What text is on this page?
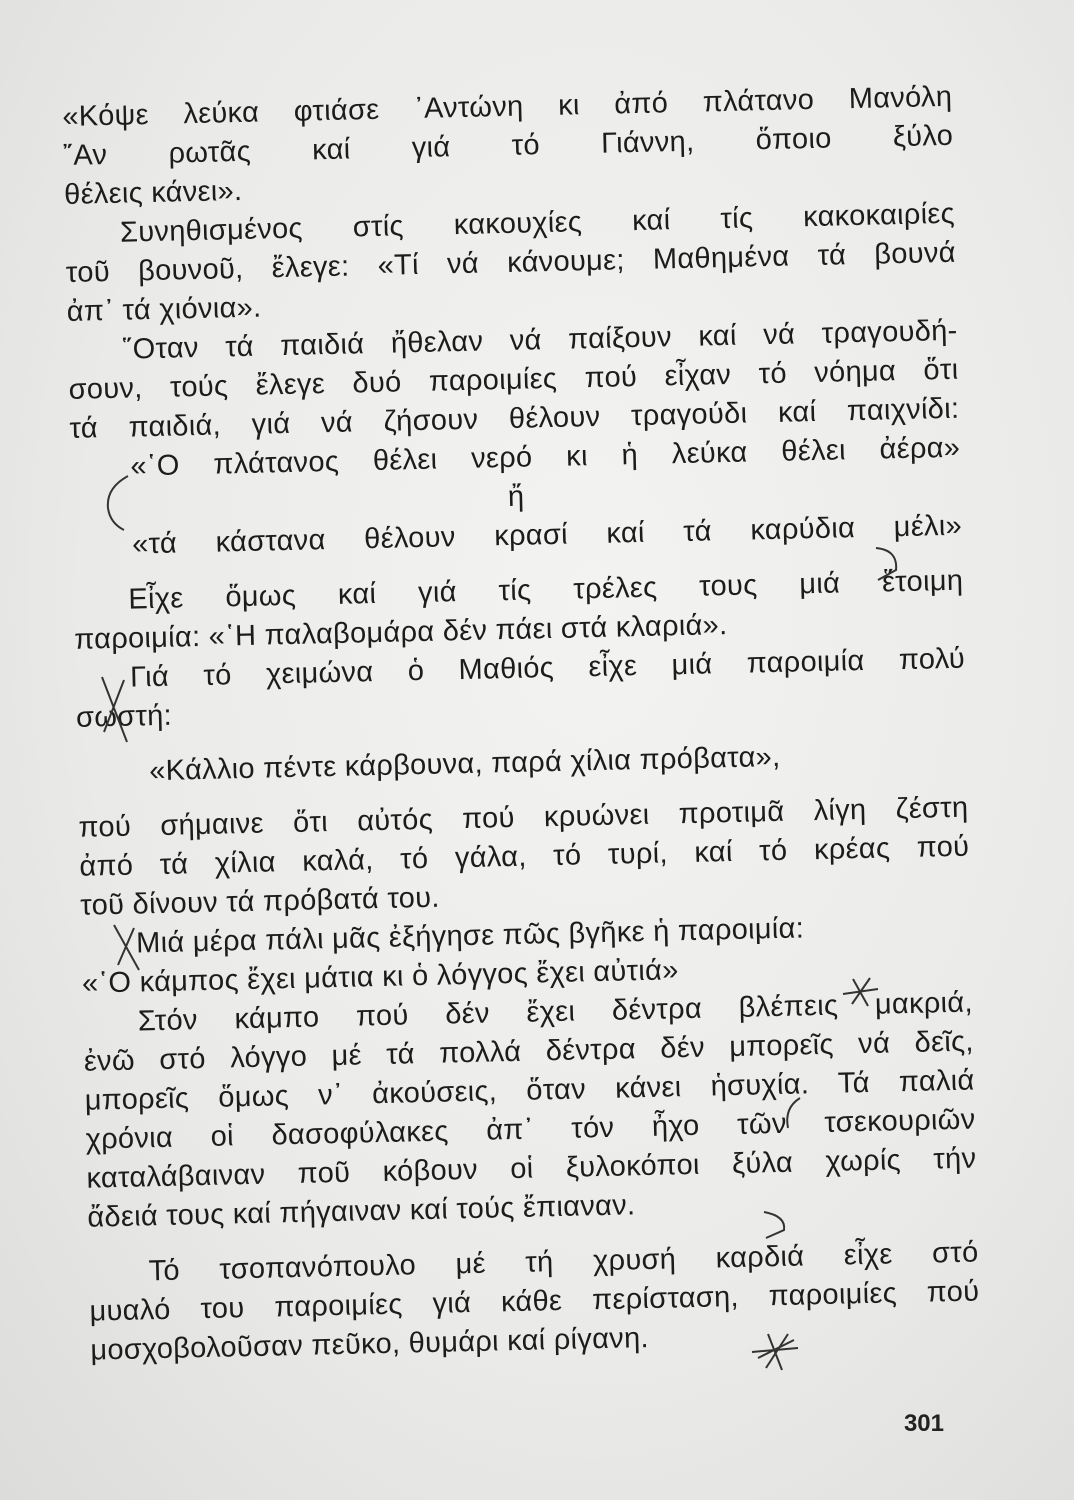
«Κόψε λεύκα φτιάσε ᾽Αντώνη κι ἀπό πλάτανο Μανόλη
῎Αν ρωτᾶς καί γιά τό Γιάννη, ὅποιο ξύλο
θέλεις κάνει».
Συνηθισμένος στίς κακουχίες καί τίς κακοκαιρίες
τοῦ βουνοῦ, ἔλεγε: «Τί νά κάνουμε; Μαθημένα τά βουνά
ἀπ᾽ τά χιόνια».
῞Οταν τά παιδιά ἤθελαν νά παίξουν καί νά τραγουδή-
σουν, τούς ἔλεγε δυό παροιμίες πού εἶχαν τό νόημα ὅτι
τά παιδιά, γιά νά ζήσουν θέλουν τραγούδι καί παιχνίδι:
«῾Ο πλάτανος θέλει νερό κι ἡ λεύκα θέλει ἀέρα»
ἤ
«τά κάστανα θέλουν κρασί καί τά καρύδια μέλι»
Εἶχε ὅμως καί γιά τίς τρέλες τους μιά ἕτοιμη
παροιμία: «῾Η παλαβομάρα δέν πάει στά κλαριά».
Γιά τό χειμώνα ὁ Μαθιός εἶχε μιά παροιμία πολύ
σωστή:
«Κάλλιο πέντε κάρβουνα, παρά χίλια πρόβατα»,
πού σήμαινε ὅτι αὐτός πού κρυώνει προτιμᾶ λίγη ζέστη
ἀπό τά χίλια καλά, τό γάλα, τό τυρί, καί τό κρέας πού
τοῦ δίνουν τά πρόβατά του.
Μιά μέρα πάλι μᾶς ἐξήγησε πῶς βγῆκε ἡ παροιμία:
«῾Ο κάμπος ἔχει μάτια κι ὁ λόγγος ἔχει αὐτιά»
Στόν κάμπο πού δέν ἔχει δέντρα βλέπεις μακριά,
ἐνῶ στό λόγγο μέ τά πολλά δέντρα δέν μπορεῖς νά δεῖς,
μπορεῖς ὅμως ν᾽ ἀκούσεις, ὅταν κάνει ἡσυχία. Τά παλιά
χρόνια οἱ δασοφύλακες ἀπ᾽ τόν ἦχο τῶν τσεκουριῶν
καταλάβαιναν ποῦ κόβουν οἱ ξυλοκόποι ξύλα χωρίς τήν
ἄδειά τους καί πήγαιναν καί τούς ἔπιαναν.
Τό τσοπανόπουλο μέ τή χρυσή καρδιά εἶχε στό
μυαλό του παροιμίες γιά κάθε περίσταση, παροιμίες πού
μοσχοβολοῦσαν πεῦκο, θυμάρι καί ρίγανη.
301
